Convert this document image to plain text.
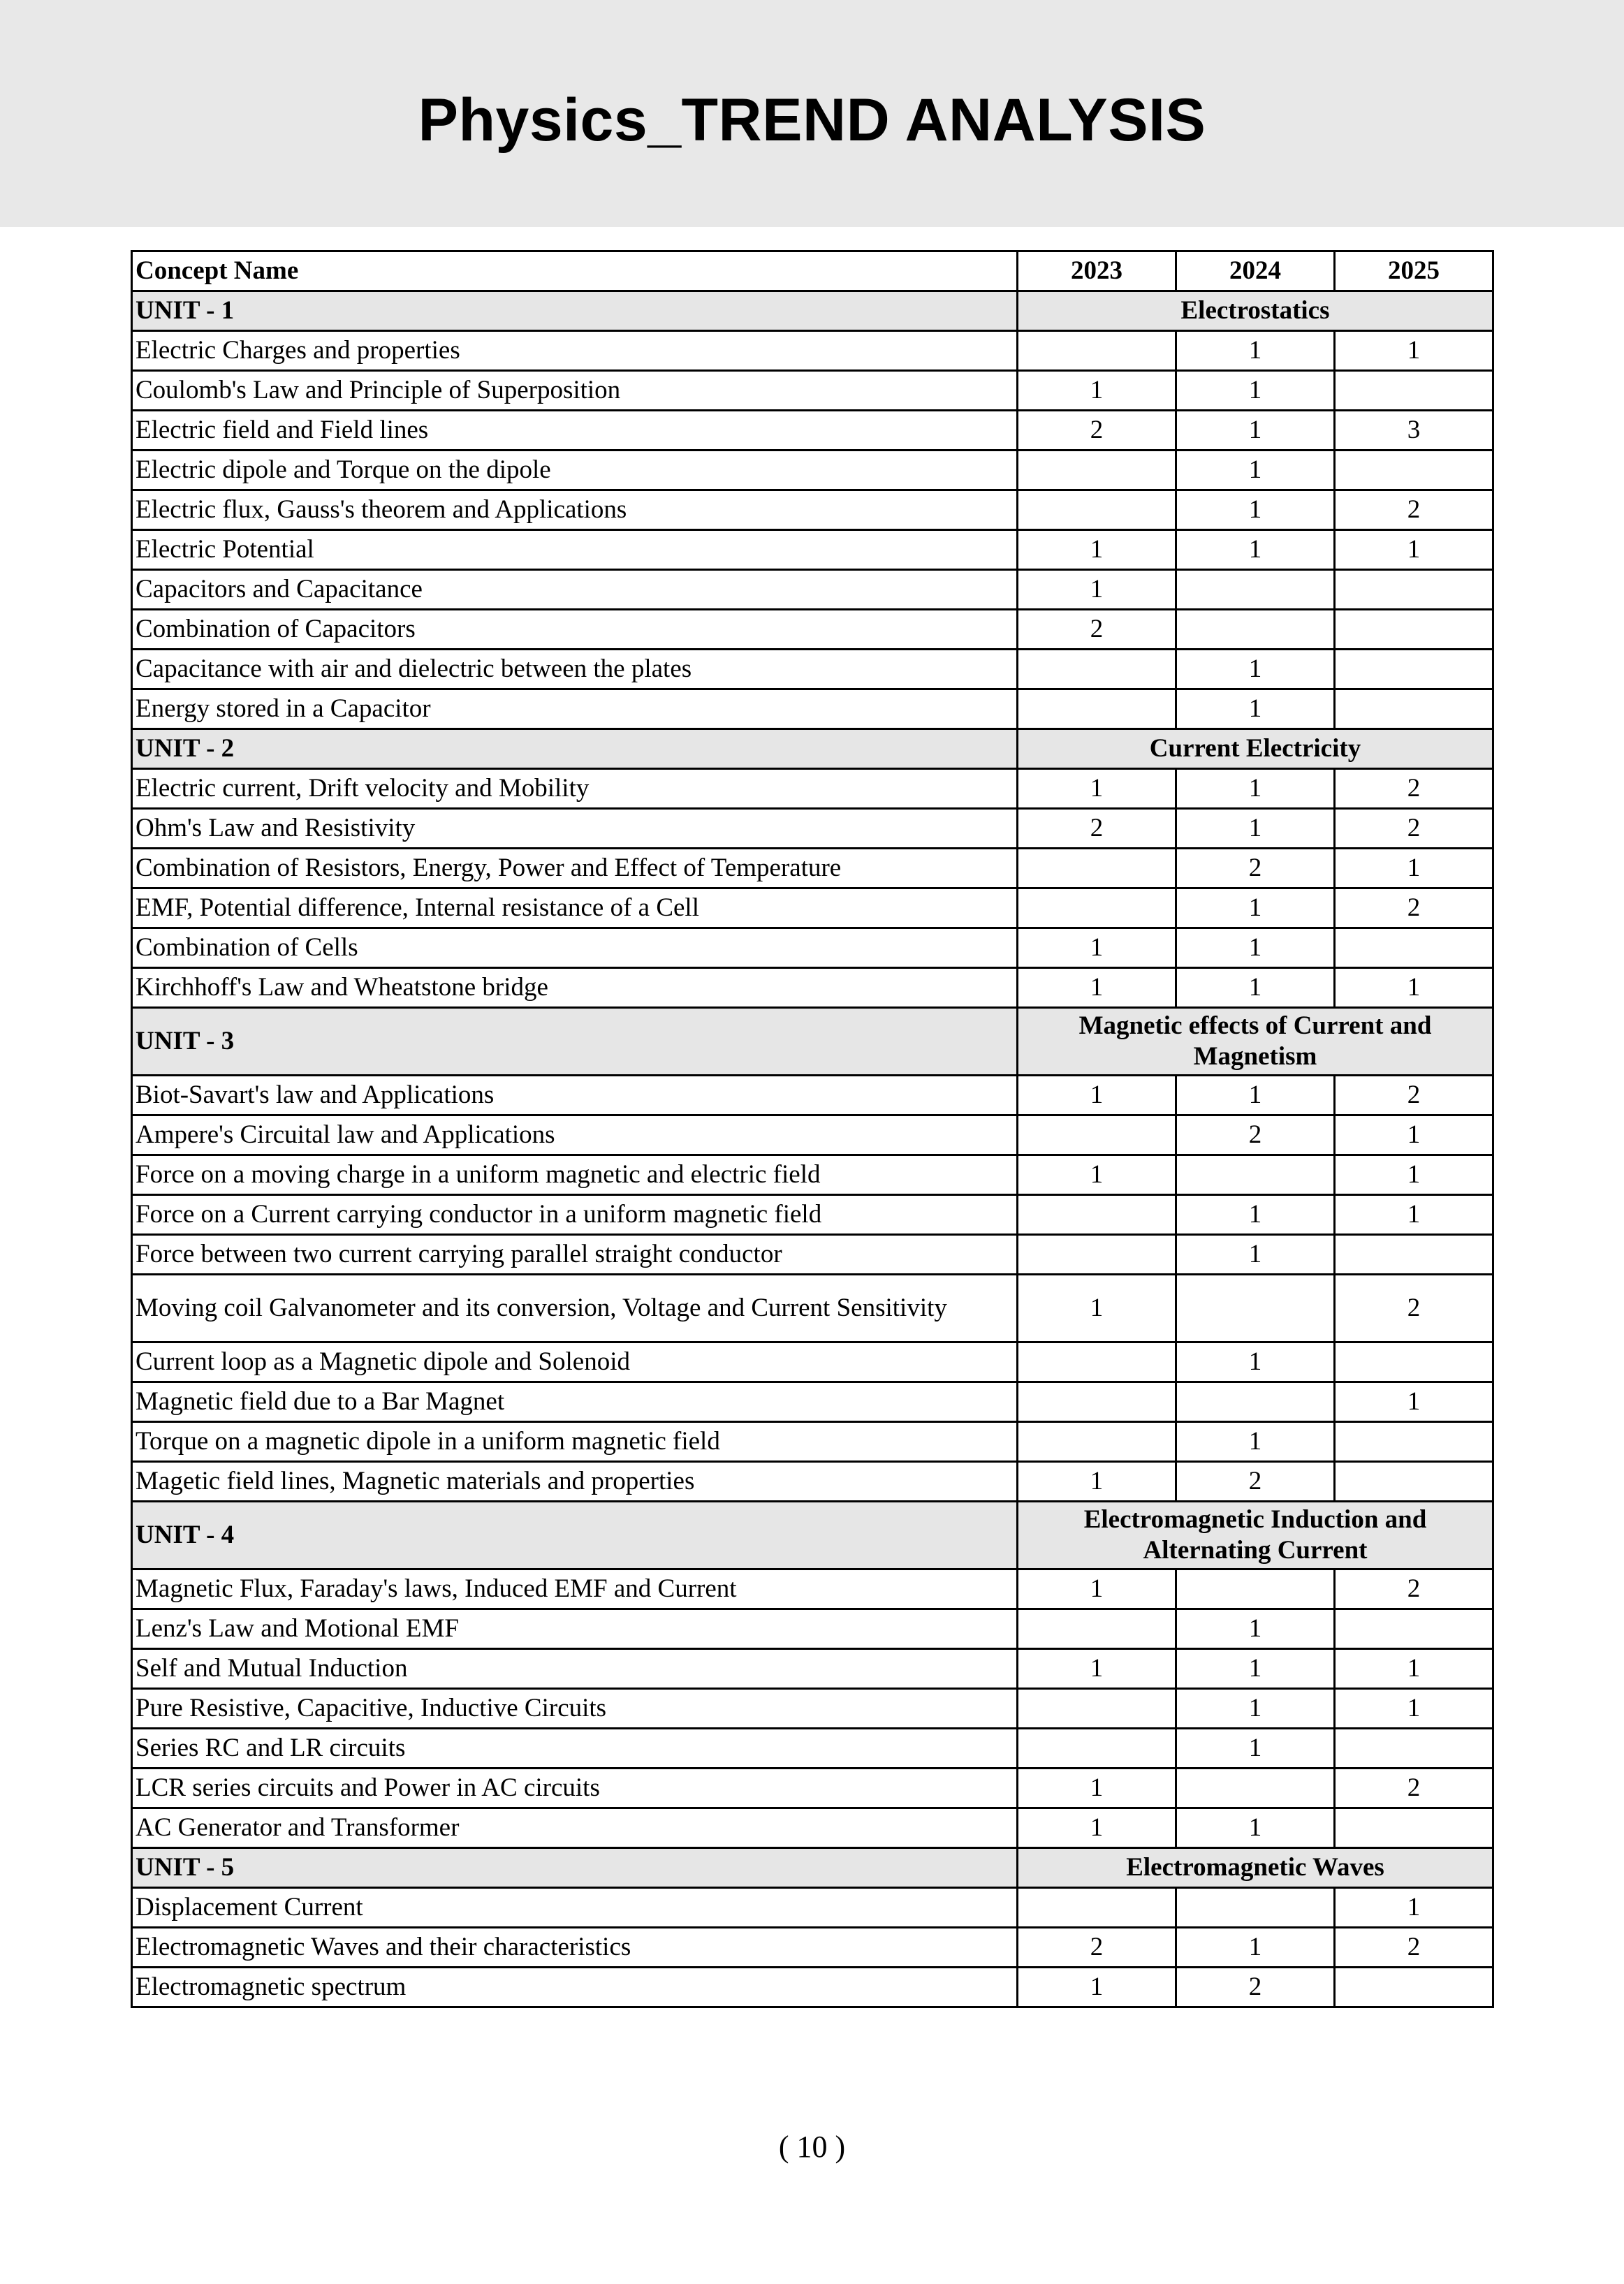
Physics_TREND ANALYSIS
Concept Name	2023	2024	2025
UNIT - 1	Electrostatics		
Electric Charges and properties		1	1
Coulomb's Law and Principle of Superposition	1	1	
Electric field and Field lines	2	1	3
Electric dipole and Torque on the dipole		1	
Electric flux, Gauss's theorem and Applications		1	2
Electric Potential	1	1	1
Capacitors and Capacitance	1		
Combination of Capacitors	2		
Capacitance with air and dielectric between the plates		1	
Energy stored in a Capacitor		1	
UNIT - 2	Current Electricity		
Electric current, Drift velocity and Mobility	1	1	2
Ohm's Law and Resistivity	2	1	2
Combination of Resistors, Energy, Power and Effect of Temperature		2	1
EMF, Potential difference, Internal resistance of a Cell		1	2
Combination of Cells	1	1	
Kirchhoff's Law and Wheatstone bridge	1	1	1
UNIT - 3	Magnetic effects of Current and Magnetism		
Biot-Savart's law and Applications	1	1	2
Ampere's Circuital law and Applications		2	1
Force on a moving charge in a uniform magnetic and electric field	1		1
Force on a Current carrying conductor in a uniform magnetic field		1	1
Force between two current carrying parallel straight conductor		1	
Moving coil Galvanometer and its conversion, Voltage and Current Sensitivity	1		2
Current loop as a Magnetic dipole and Solenoid		1	
Magnetic field due to a Bar Magnet			1
Torque on a magnetic dipole in a uniform magnetic field		1	
Magetic field lines, Magnetic materials and properties	1	2	
UNIT - 4	Electromagnetic Induction and Alternating Current		
Magnetic Flux, Faraday's laws, Induced EMF and Current	1		2
Lenz's Law and Motional EMF		1	
Self and Mutual Induction	1	1	1
Pure Resistive, Capacitive, Inductive Circuits		1	1
Series RC and LR circuits		1	
LCR series circuits and Power in AC circuits	1		2
AC Generator and Transformer	1	1	
UNIT - 5	Electromagnetic Waves		
Displacement Current			1
Electromagnetic Waves and their characteristics	2	1	2
Electromagnetic spectrum	1	2	
( 10 )
